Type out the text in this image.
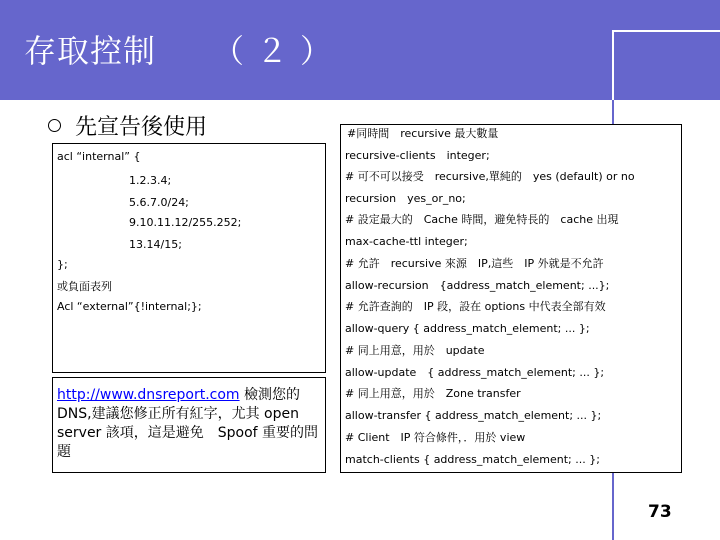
存取控制 （２）
先宣告後使用
acl “internal” {
1.2.3.4;
5.6.7.0/24;
9.10.11.12/255.252;
13.14/15;
};
或負面表列
Acl “external”{!internal;};
http://www.dnsreport.com 檢測您的DNS,建議您修正所有紅字，尤其 open server 該項，這是避免　Spoof 重要的問題
#同時間　recursive 最大數量
recursive-clients　integer;
# 可不可以接受　recursive,單純的　yes (default) or no
recursion　yes_or_no;
# 設定最大的　Cache 時間，避免特長的　cache 出現
max-cache-ttl integer;
# 允許　recursive 來源　IP,這些　IP 外就是不允許
allow-recursion　{address_match_element; ...};
# 允許查詢的　IP 段，設在 options 中代表全部有效
allow-query { address_match_element; ... };
# 同上用意，用於　update
allow-update　{ address_match_element; ... };
# 同上用意，用於　Zone transfer
allow-transfer { address_match_element; ... };
# Client　IP 符合條件，．用於 view
match-clients { address_match_element; ... };
73
